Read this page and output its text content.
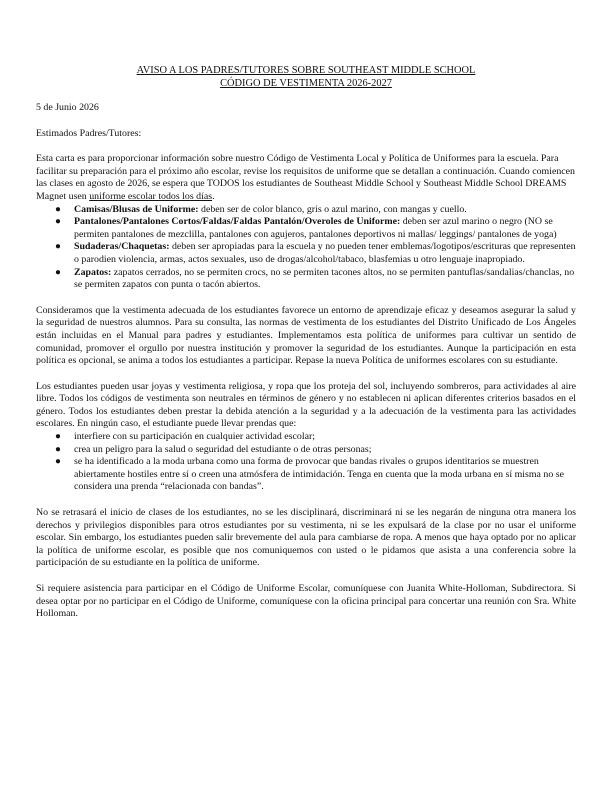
AVISO A LOS PADRES/TUTORES SOBRE SOUTHEAST MIDDLE SCHOOL

CÓDIGO DE VESTIMENTA 2026-2027

5 de Junio 2026

Estimados Padres/Tutores:

Esta carta es para proporcionar información sobre nuestro Código de Vestimenta Local y Política de Uniformes para la escuela. Para facilitar su preparación para el próximo año escolar, revise los requisitos de uniforme que se detallan a continuación. Cuando comiencen las clases en agosto de 2026, se espera que TODOS los estudiantes de Southeast Middle School y Southeast Middle School DREAMS Magnet usen uniforme escolar todos los días.

● Camisas/Blusas de Uniforme: deben ser de color blanco, gris o azul marino, con mangas y cuello.
● Pantalones/Pantalones Cortos/Faldas/Faldas Pantalón/Overoles de Uniforme: deben ser azul marino o negro (NO se permiten pantalones de mezclilla, pantalones con agujeros, pantalones deportivos ni mallas/ leggings/ pantalones de yoga)
● Sudaderas/Chaquetas: deben ser apropiadas para la escuela y no pueden tener emblemas/logotipos/escrituras que representen o parodien violencia, armas, actos sexuales, uso de drogas/alcohol/tabaco, blasfemias u otro lenguaje inapropiado.
● Zapatos: zapatos cerrados, no se permiten crocs, no se permiten tacones altos, no se permiten pantuflas/sandalias/chanclas, no se permiten zapatos con punta o tacón abiertos.

Consideramos que la vestimenta adecuada de los estudiantes favorece un entorno de aprendizaje eficaz y deseamos asegurar la salud y la seguridad de nuestros alumnos. Para su consulta, las normas de vestimenta de los estudiantes del Distrito Unificado de Los Ángeles están incluidas en el Manual para padres y estudiantes. Implementamos esta política de uniformes para cultivar un sentido de comunidad, promover el orgullo por nuestra institución y promover la seguridad de los estudiantes. Aunque la participación en esta política es opcional, se anima a todos los estudiantes a participar. Repase la nueva Política de uniformes escolares con su estudiante.

Los estudiantes pueden usar joyas y vestimenta religiosa, y ropa que los proteja del sol, incluyendo sombreros, para actividades al aire libre. Todos los códigos de vestimenta son neutrales en términos de género y no establecen ni aplican diferentes criterios basados en el género. Todos los estudiantes deben prestar la debida atención a la seguridad y a la adecuación de la vestimenta para las actividades escolares. En ningún caso, el estudiante puede llevar prendas que:

● interfiere con su participación en cualquier actividad escolar;
● crea un peligro para la salud o seguridad del estudiante o de otras personas;
● se ha identificado a la moda urbana como una forma de provocar que bandas rivales o grupos identitarios se muestren abiertamente hostiles entre sí o creen una atmósfera de intimidación. Tenga en cuenta que la moda urbana en sí misma no se considera una prenda “relacionada con bandas”.

No se retrasará el inicio de clases de los estudiantes, no se les disciplinará, discriminará ni se les negarán de ninguna otra manera los derechos y privilegios disponibles para otros estudiantes por su vestimenta, ni se les expulsará de la clase por no usar el uniforme escolar. Sin embargo, los estudiantes pueden salir brevemente del aula para cambiarse de ropa. A menos que haya optado por no aplicar la política de uniforme escolar, es posible que nos comuniquemos con usted o le pidamos que asista a una conferencia sobre la participación de su estudiante en la política de uniforme.

Si requiere asistencia para participar en el Código de Uniforme Escolar, comuníquese con Juanita White-Holloman, Subdirectora. Si desea optar por no participar en el Código de Uniforme, comuníquese con la oficina principal para concertar una reunión con Sra. White Holloman.
